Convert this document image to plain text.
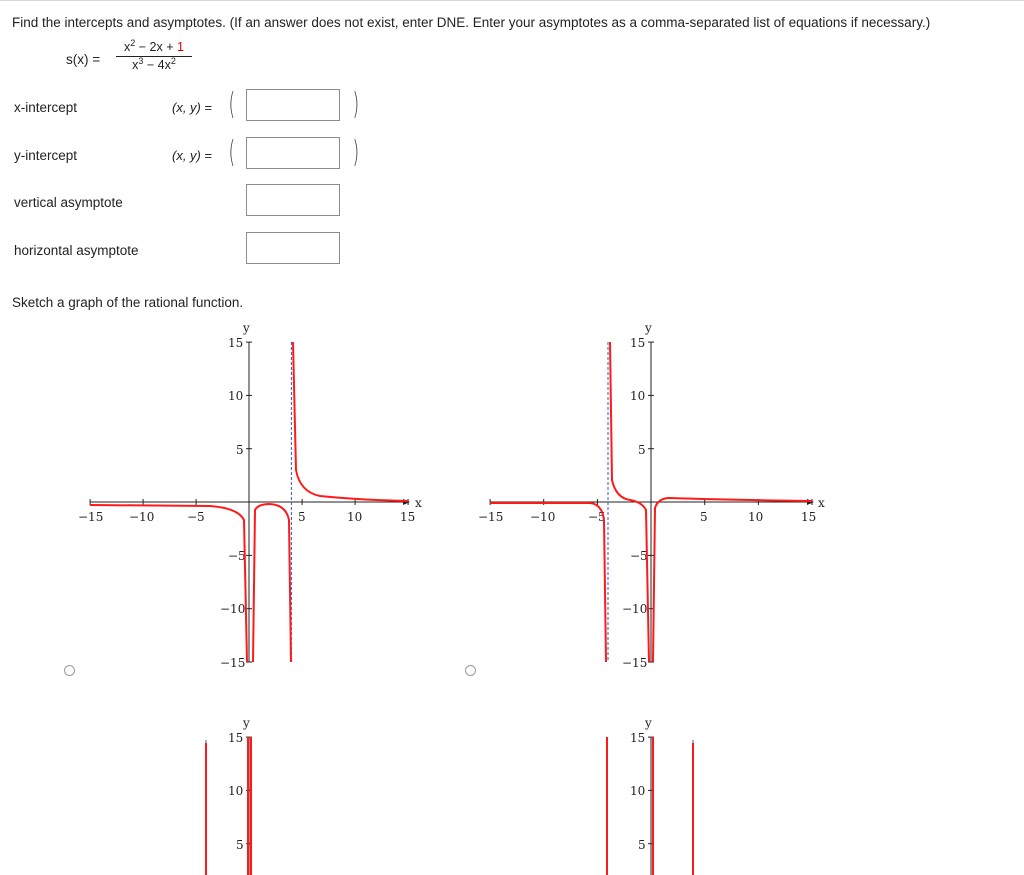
Find the intercepts and asymptotes. (If an answer does not exist, enter DNE. Enter your asymptotes as a comma-separated list of equations if necessary.)
s(x) =
$x^2 - 2x + 1$
$x^3 - 4x^2$
x-intercept	(x, y) = (	)
y-intercept	(x, y) = (	)
vertical asymptote
horizontal asymptote
Sketch a graph of the rational function.
−15 −10	−5	5	10	15
x
15
10
5
−5
−10
−15
y
−15 −10	−5	5	10	15
x
15
10
5
−5
−10
−15
y
15
10
5
y
15
10
5
y
